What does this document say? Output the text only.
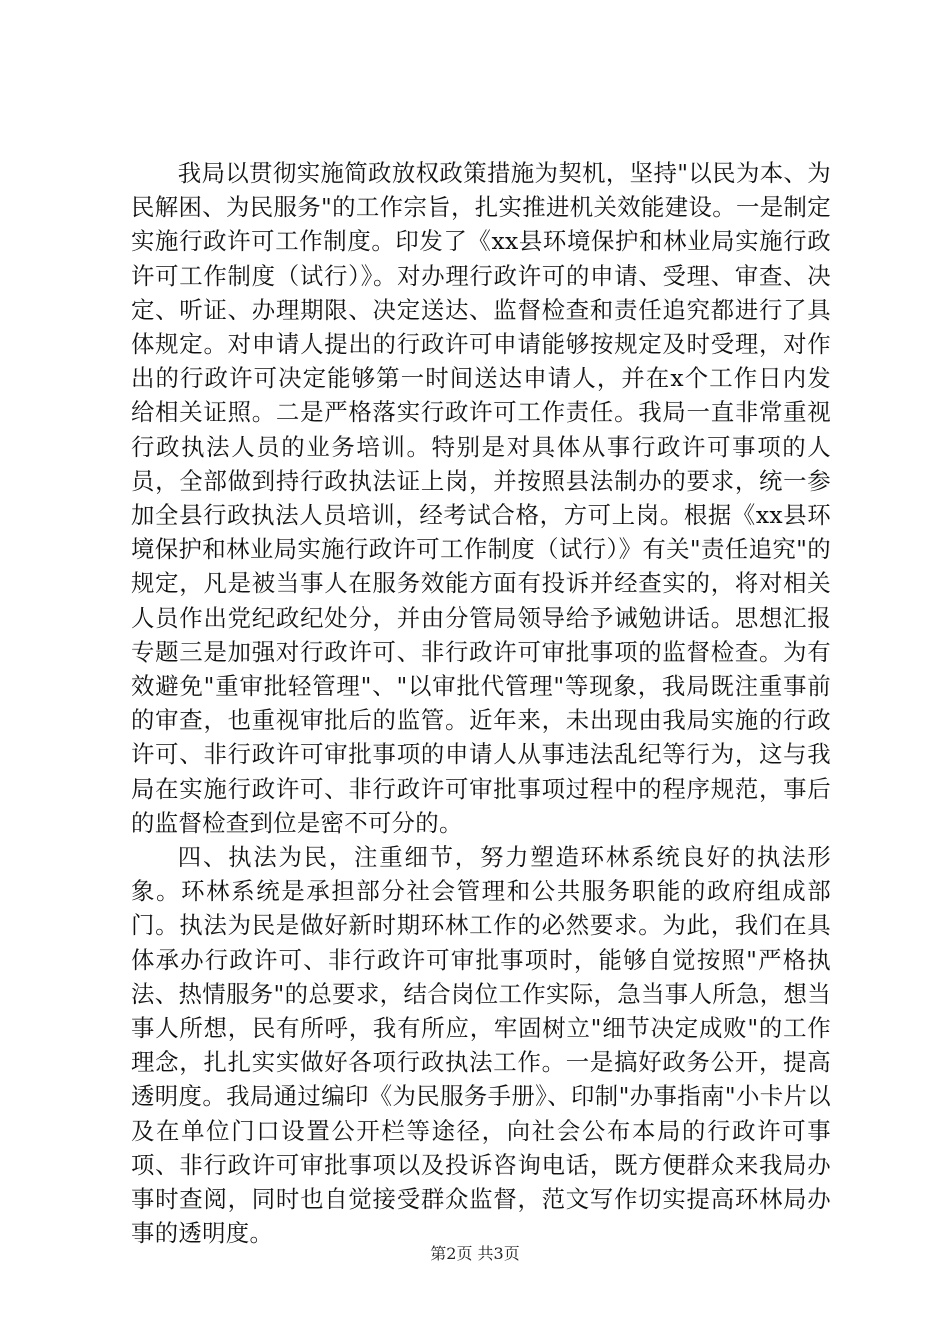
我局以贯彻实施简政放权政策措施为契机，坚持"以民为本、为民解困、为民服务"的工作宗旨，扎实推进机关效能建设。一是制定实施行政许可工作制度。印发了《xx县环境保护和林业局实施行政许可工作制度（试行）》。对办理行政许可的申请、受理、审查、决定、听证、办理期限、决定送达、监督检查和责任追究都进行了具体规定。对申请人提出的行政许可申请能够按规定及时受理，对作出的行政许可决定能够第一时间送达申请人，并在x个工作日内发给相关证照。二是严格落实行政许可工作责任。我局一直非常重视行政执法人员的业务培训。特别是对具体从事行政许可事项的人员，全部做到持行政执法证上岗，并按照县法制办的要求，统一参加全县行政执法人员培训，经考试合格，方可上岗。根据《xx县环境保护和林业局实施行政许可工作制度（试行）》有关"责任追究"的规定，凡是被当事人在服务效能方面有投诉并经查实的，将对相关人员作出党纪政纪处分，并由分管局领导给予诫勉讲话。思想汇报专题三是加强对行政许可、非行政许可审批事项的监督检查。为有效避免"重审批轻管理"、"以审批代管理"等现象，我局既注重事前的审查，也重视审批后的监管。近年来，未出现由我局实施的行政许可、非行政许可审批事项的申请人从事违法乱纪等行为，这与我局在实施行政许可、非行政许可审批事项过程中的程序规范，事后的监督检查到位是密不可分的。

四、执法为民，注重细节，努力塑造环林系统良好的执法形象。环林系统是承担部分社会管理和公共服务职能的政府组成部门。执法为民是做好新时期环林工作的必然要求。为此，我们在具体承办行政许可、非行政许可审批事项时，能够自觉按照"严格执法、热情服务"的总要求，结合岗位工作实际，急当事人所急，想当事人所想，民有所呼，我有所应，牢固树立"细节决定成败"的工作理念，扎扎实实做好各项行政执法工作。一是搞好政务公开，提高透明度。我局通过编印《为民服务手册》、印制"办事指南"小卡片以及在单位门口设置公开栏等途径，向社会公布本局的行政许可事项、非行政许可审批事项以及投诉咨询电话，既方便群众来我局办事时查阅，同时也自觉接受群众监督，范文写作切实提高环林局办事的透明度。

第2页 共3页
